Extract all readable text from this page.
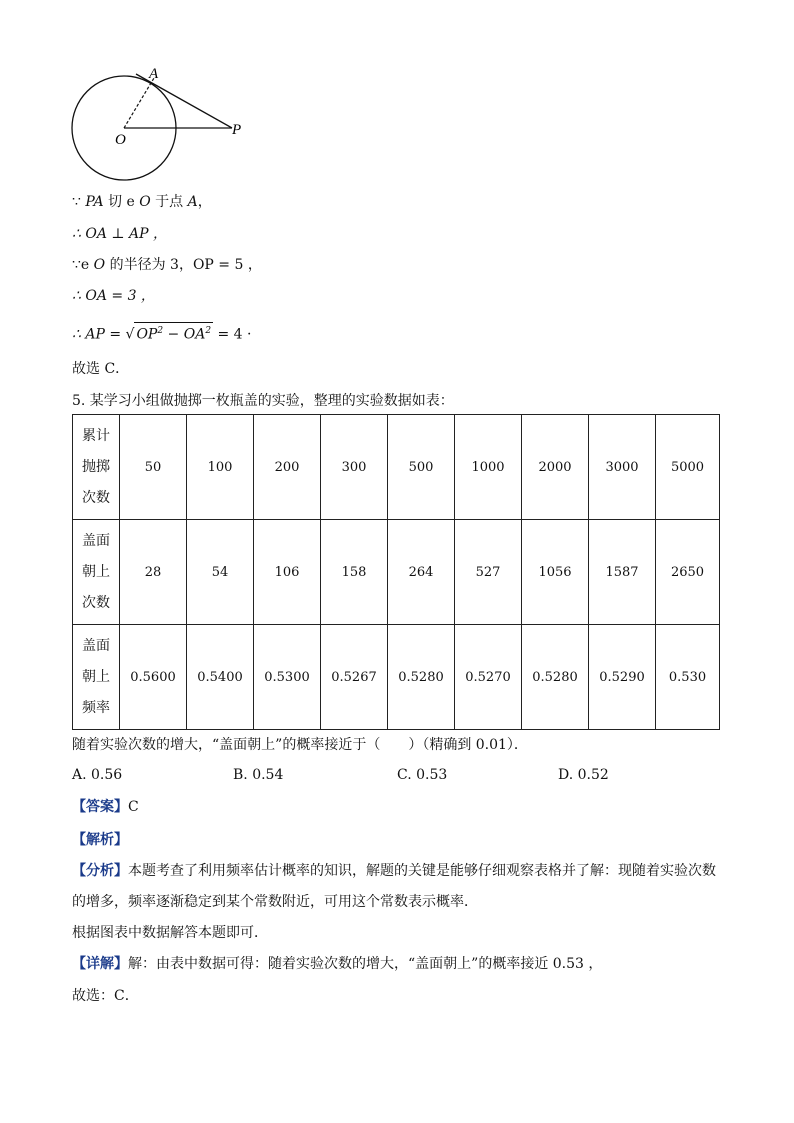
A
O
P
∵ PA 切 e O 于点 A，
∴ OA ⊥ AP ，
∵e O 的半径为 3，OP = 5 ，
∴ OA = 3 ，
∴ AP = √ $OP^2 - OA^2 = 4$ ·
故选 C．
5. 某学习小组做抛掷一枚瓶盖的实验，整理的实验数据如表：
累计
抛掷
次数	50	100	200	300	500	1000	2000	3000	5000

盖面
朝上
次数	28	54	106	158	264	527	1056	1587	2650

盖面
朝上
频率	0.5600	0.5400	0.5300	0.5267	0.5280	0.5270	0.5280	0.5290	0.530
随着实验次数的增大，“盖面朝上”的概率接近于（　　）（精确到 0.01）．
A. 0.56	B. 0.54	C. 0.53	D. 0.52
【答案】C
【解析】
【分析】本题考查了利用频率估计概率的知识，解题的关键是能够仔细观察表格并了解：现随着实验次数
的增多，频率逐渐稳定到某个常数附近，可用这个常数表示概率．
根据图表中数据解答本题即可．
【详解】解：由表中数据可得：随着实验次数的增大，“盖面朝上”的概率接近 0.53 ，
故选：C．
